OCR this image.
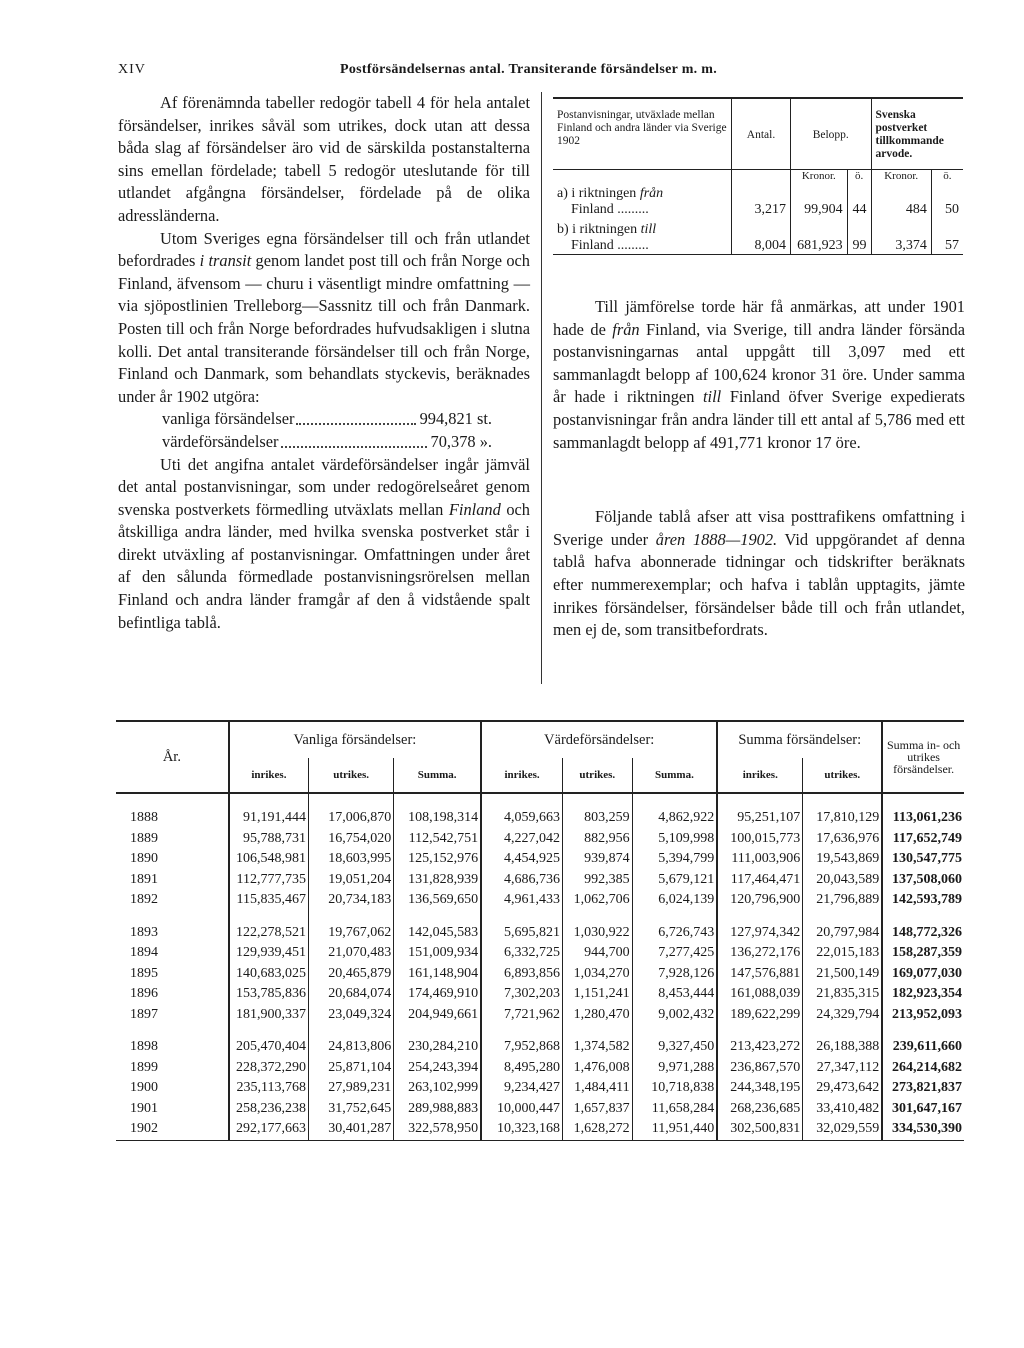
XIV	Postförsändelsernas antal. Transiterande försändelser m. m.

Af förenämnda tabeller redogör tabell 4 för hela antalet försändelser, inrikes såväl som utrikes, dock utan att dessa båda slag af försändelser äro vid de särskilda postanstalterna sins emellan fördelade; tabell 5 redogör uteslutande för till utlandet afgångna försändelser, fördelade på de olika adressländerna.

Utom Sveriges egna försändelser till och från utlandet befordrades i transit genom landet post till och från Norge och Finland, äfvensom — churu i väsentligt mindre omfattning — via sjöpostlinien Trelleborg—Sassnitz till och från Danmark. Posten till och från Norge befordrades hufvudsakligen i slutna kolli. Det antal transiterande försändelser till och från Norge, Finland och Danmark, som behandlats styckevis, beräknades under år 1902 utgöra:

vanliga försändelser	994,821 st.
värdeförsändelser	70,378 ».

Uti det angifna antalet värdeförsändelser ingår jämväl det antal postanvisningar, som under redogörelseåret genom svenska postverkets förmedling utväxlats mellan Finland och åtskilliga andra länder, med hvilka svenska postverket står i direkt utväxling af postanvisningar. Omfattningen under året af den sålunda förmedlade postanvisningsrörelsen mellan Finland och andra länder framgår af den å vidstående spalt befintliga tablå.

Postanvisningar, utväxlade mellan Finland och andra länder via Sverige 1902	Antal.	Belopp.		Svenska postverket tillkommande arvode.	
		Kronor.	ö.	Kronor.	ö.
a) i riktningen från
Finland .........	3,217	99,904	44	484	50
b) i riktningen till
Finland .........	8,004	681,923	99	3,374	57

Till jämförelse torde här få anmärkas, att under 1901 hade de från Finland, via Sverige, till andra länder försända postanvisningarnas antal uppgått till 3,097 med ett sammanlagdt belopp af 100,624 kronor 31 öre. Under samma år hade i riktningen till Finland öfver Sverige expedierats postanvisningar från andra länder till ett antal af 5,786 med ett sammanlagdt belopp af 491,771 kronor 17 öre.

Följande tablå afser att visa posttrafikens omfattning i Sverige under åren 1888—1902. Vid uppgörandet af denna tablå hafva abonnerade tidningar och tidskrifter beräknats efter nummerexemplar; och hafva i tablån upptagits, jämte inrikes försändelser, försändelser både till och från utlandet, men ej de, som transitbefordrats.

År.	Vanliga försändelser:			Värdeförsändelser:			Summa försändelser:		Summa in- och utrikes försändelser.
	inrikes.	utrikes.	Summa.	inrikes.	utrikes.	Summa.	inrikes.	utrikes.	
1888	91,191,444	17,006,870	108,198,314	4,059,663	803,259	4,862,922	95,251,107	17,810,129	113,061,236
1889	95,788,731	16,754,020	112,542,751	4,227,042	882,956	5,109,998	100,015,773	17,636,976	117,652,749
1890	106,548,981	18,603,995	125,152,976	4,454,925	939,874	5,394,799	111,003,906	19,543,869	130,547,775
1891	112,777,735	19,051,204	131,828,939	4,686,736	992,385	5,679,121	117,464,471	20,043,589	137,508,060
1892	115,835,467	20,734,183	136,569,650	4,961,433	1,062,706	6,024,139	120,796,900	21,796,889	142,593,789

1893	122,278,521	19,767,062	142,045,583	5,695,821	1,030,922	6,726,743	127,974,342	20,797,984	148,772,326
1894	129,939,451	21,070,483	151,009,934	6,332,725	944,700	7,277,425	136,272,176	22,015,183	158,287,359
1895	140,683,025	20,465,879	161,148,904	6,893,856	1,034,270	7,928,126	147,576,881	21,500,149	169,077,030
1896	153,785,836	20,684,074	174,469,910	7,302,203	1,151,241	8,453,444	161,088,039	21,835,315	182,923,354
1897	181,900,337	23,049,324	204,949,661	7,721,962	1,280,470	9,002,432	189,622,299	24,329,794	213,952,093

1898	205,470,404	24,813,806	230,284,210	7,952,868	1,374,582	9,327,450	213,423,272	26,188,388	239,611,660
1899	228,372,290	25,871,104	254,243,394	8,495,280	1,476,008	9,971,288	236,867,570	27,347,112	264,214,682
1900	235,113,768	27,989,231	263,102,999	9,234,427	1,484,411	10,718,838	244,348,195	29,473,642	273,821,837
1901	258,236,238	31,752,645	289,988,883	10,000,447	1,657,837	11,658,284	268,236,685	33,410,482	301,647,167
1902	292,177,663	30,401,287	322,578,950	10,323,168	1,628,272	11,951,440	302,500,831	32,029,559	334,530,390
